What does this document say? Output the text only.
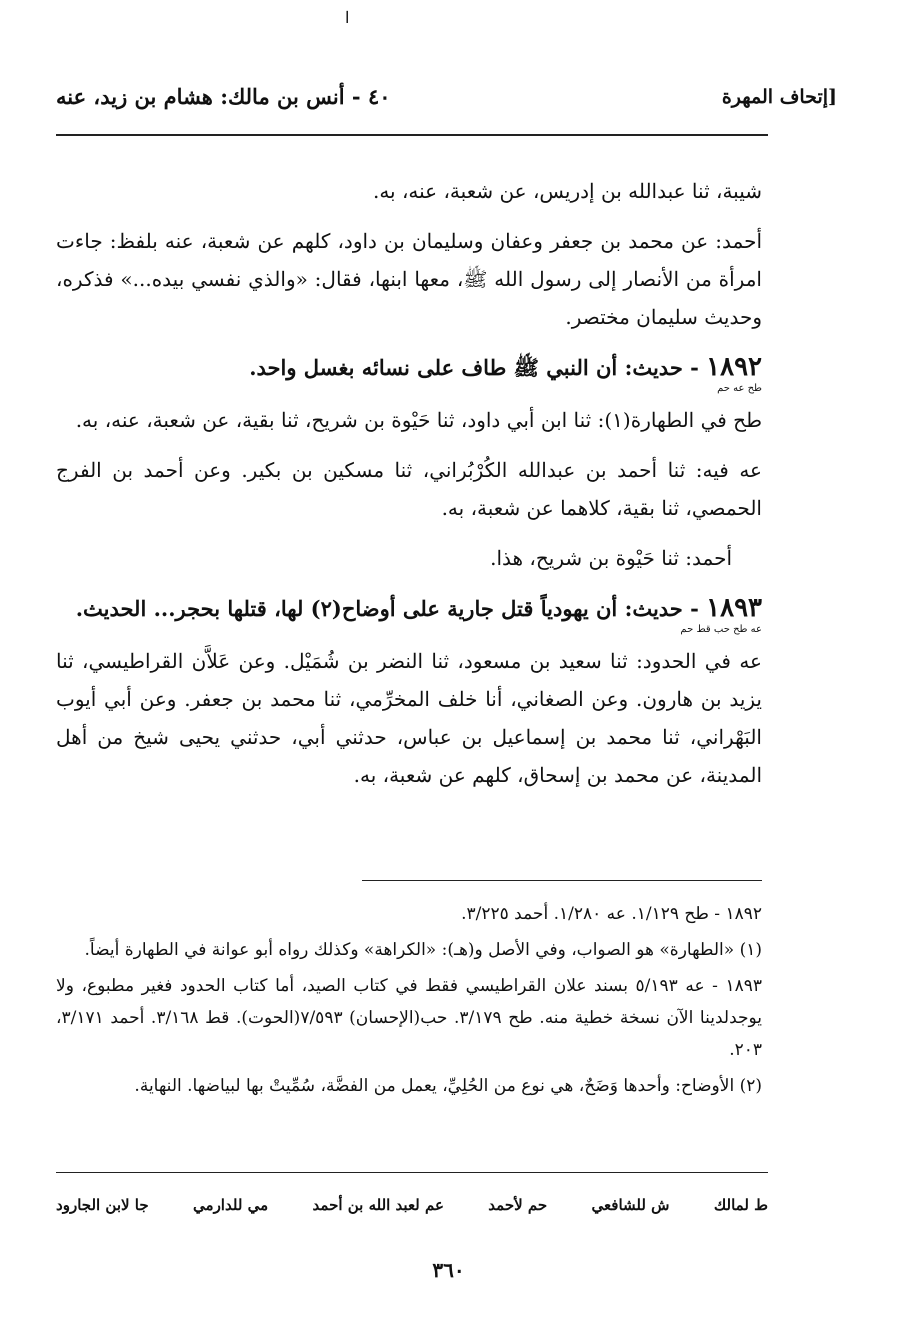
ا
٤٠ - أنس بن مالك: هشام بن زيد، عنه	[إتحاف المهرة

شيبة، ثنا عبدالله بن إدريس، عن شعبة، عنه، به.

أحمد: عن محمد بن جعفر وعفان وسليمان بن داود، كلهم عن شعبة، عنه بلفظ: جاءت امرأة من الأنصار إلى رسول الله ﷺ، معها ابنها، فقال: «والذي نفسي بيده...» فذكره، وحديث سليمان مختصر.

١٨٩٢ - حديث: أن النبي ﷺ طاف على نسائه بغسل واحد.

طح عه حم

طح في الطهارة(١): ثنا ابن أبي داود، ثنا حَيْوة بن شريح، ثنا بقية، عن شعبة، عنه، به.

عه فيه: ثنا أحمد بن عبدالله الكُرْبُراني، ثنا مسكين بن بكير. وعن أحمد بن الفرج الحمصي، ثنا بقية، كلاهما عن شعبة، به.

أحمد: ثنا حَيْوة بن شريح، هذا.

١٨٩٣ - حديث: أن يهودياً قتل جارية على أوضاح(٢) لها، قتلها بحجر... الحديث.

عه طح حب قط حم

عه في الحدود: ثنا سعيد بن مسعود، ثنا النضر بن شُمَيْل. وعن عَلاَّن القراطيسي، ثنا يزيد بن هارون. وعن الصغاني، أنا خلف المخرِّمي، ثنا محمد بن جعفر. وعن أبي أيوب البَهْراني، ثنا محمد بن إسماعيل بن عباس، حدثني أبي، حدثني يحيى شيخ من أهل المدينة، عن محمد بن إسحاق، كلهم عن شعبة، به.

١٨٩٢ - طح ١/١٢٩. عه ١/٢٨٠. أحمد ٣/٢٢٥.

(١) «الطهارة» هو الصواب، وفي الأصل و(هـ): «الكراهة» وكذلك رواه أبو عوانة في الطهارة أيضاً.

١٨٩٣ - عه ٥/١٩٣ بسند علان القراطيسي فقط في كتاب الصيد، أما كتاب الحدود فغير مطبوع، ولا يوجدلدينا الآن نسخة خطية منه. طح ٣/١٧٩. حب(الإحسان) ٧/٥٩٣(الحوت). قط ٣/١٦٨. أحمد ٣/١٧١، ٢٠٣.

(٢) الأوضاح: وأحدها وَضَحٌ، هي نوع من الحُلِيِّ، يعمل من الفضَّة، سُمِّيتْ بها لبياضها. النهاية.

ط لمالك
ش للشافعي
حم لأحمد
عم لعبد الله بن أحمد
مي للدارمي
جا لابن الجارود
٣٦٠
